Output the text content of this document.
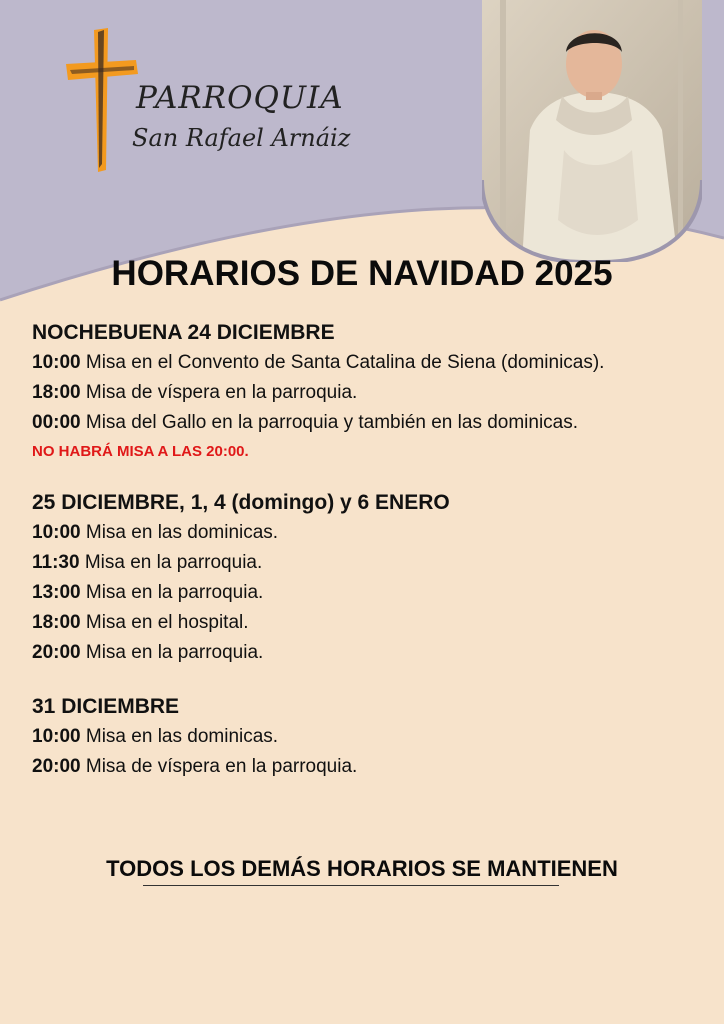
PARROQUIA
San Rafael Arnáiz
HORARIOS DE NAVIDAD 2025

NOCHEBUENA 24 DICIEMBRE

10:00 Misa en el Convento de Santa Catalina de Siena (dominicas).

18:00 Misa de víspera en la parroquia.

00:00 Misa del Gallo en la parroquia y también en las dominicas.

NO HABRÁ MISA A LAS 20:00.

25 DICIEMBRE, 1, 4 (domingo) y 6 ENERO

10:00 Misa en las dominicas.

11:30 Misa en la parroquia.

13:00 Misa en la parroquia.

18:00 Misa en el hospital.

20:00 Misa en la parroquia.

31 DICIEMBRE

10:00 Misa en las dominicas.

20:00 Misa de víspera en la parroquia.

TODOS LOS DEMÁS HORARIOS SE MANTIENEN
